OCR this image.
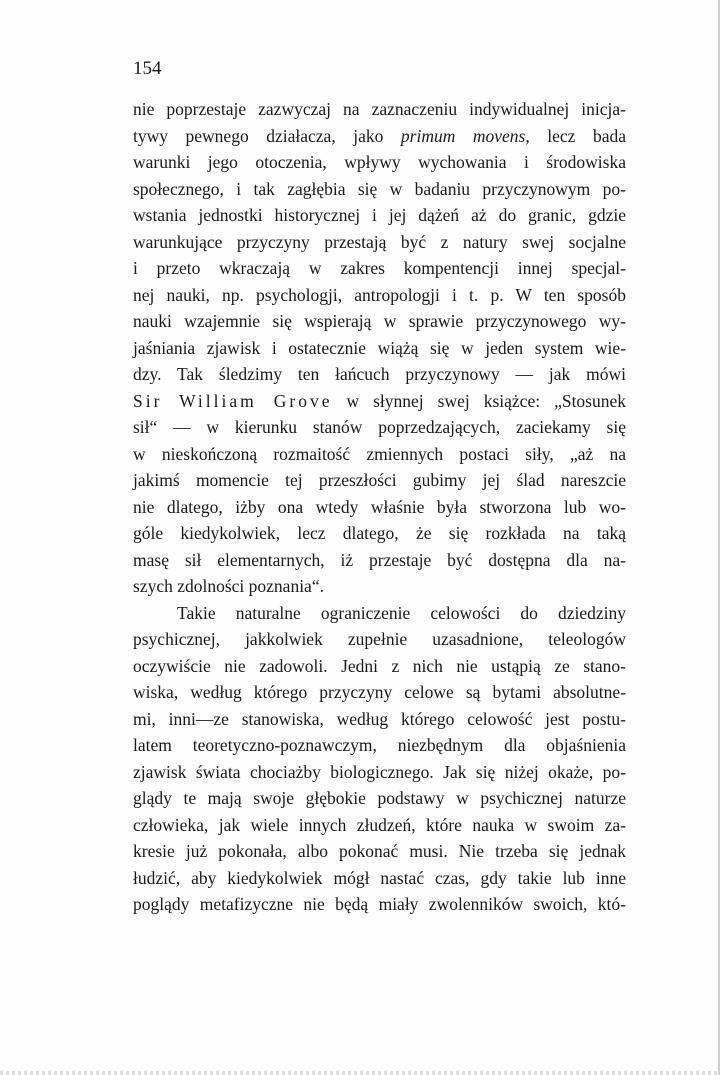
154
nie poprzestaje zazwyczaj na zaznaczeniu indywidualnej inicja-
tywy pewnego działacza, jako primum movens, lecz bada
warunki jego otoczenia, wpływy wychowania i środowiska
społecznego, i tak zagłębia się w badaniu przyczynowym po-
wstania jednostki historycznej i jej dążeń aż do granic, gdzie
warunkujące przyczyny przestają być z natury swej socjalne
i przeto wkraczają w zakres kompentencji innej specjal-
nej nauki, np. psychologji, antropologji i t. p. W ten sposób
nauki wzajemnie się wspierają w sprawie przyczynowego wy-
jaśniania zjawisk i ostatecznie wiążą się w jeden system wie-
dzy. Tak śledzimy ten łańcuch przyczynowy — jak mówi
Sir William Grove w słynnej swej książce: „Stosunek
sił“ — w kierunku stanów poprzedzających, zaciekamy się
w nieskończoną rozmaitość zmiennych postaci siły, „aż na
jakimś momencie tej przeszłości gubimy jej ślad nareszcie
nie dlatego, iżby ona wtedy właśnie była stworzona lub wo-
góle kiedykolwiek, lecz dlatego, że się rozkłada na taką
masę sił elementarnych, iż przestaje być dostępna dla na-
szych zdolności poznania“.
Takie naturalne ograniczenie celowości do dziedziny
psychicznej, jakkolwiek zupełnie uzasadnione, teleologów
oczywiście nie zadowoli. Jedni z nich nie ustąpią ze stano-
wiska, według którego przyczyny celowe są bytami absolutne-
mi, inni—ze stanowiska, według którego celowość jest postu-
latem teoretyczno-poznawczym, niezbędnym dla objaśnienia
zjawisk świata chociażby biologicznego. Jak się niżej okaże, po-
glądy te mają swoje głębokie podstawy w psychicznej naturze
człowieka, jak wiele innych złudzeń, które nauka w swoim za-
kresie już pokonała, albo pokonać musi. Nie trzeba się jednak
łudzić, aby kiedykolwiek mógł nastać czas, gdy takie lub inne
poglądy metafizyczne nie będą miały zwolenników swoich, któ-
